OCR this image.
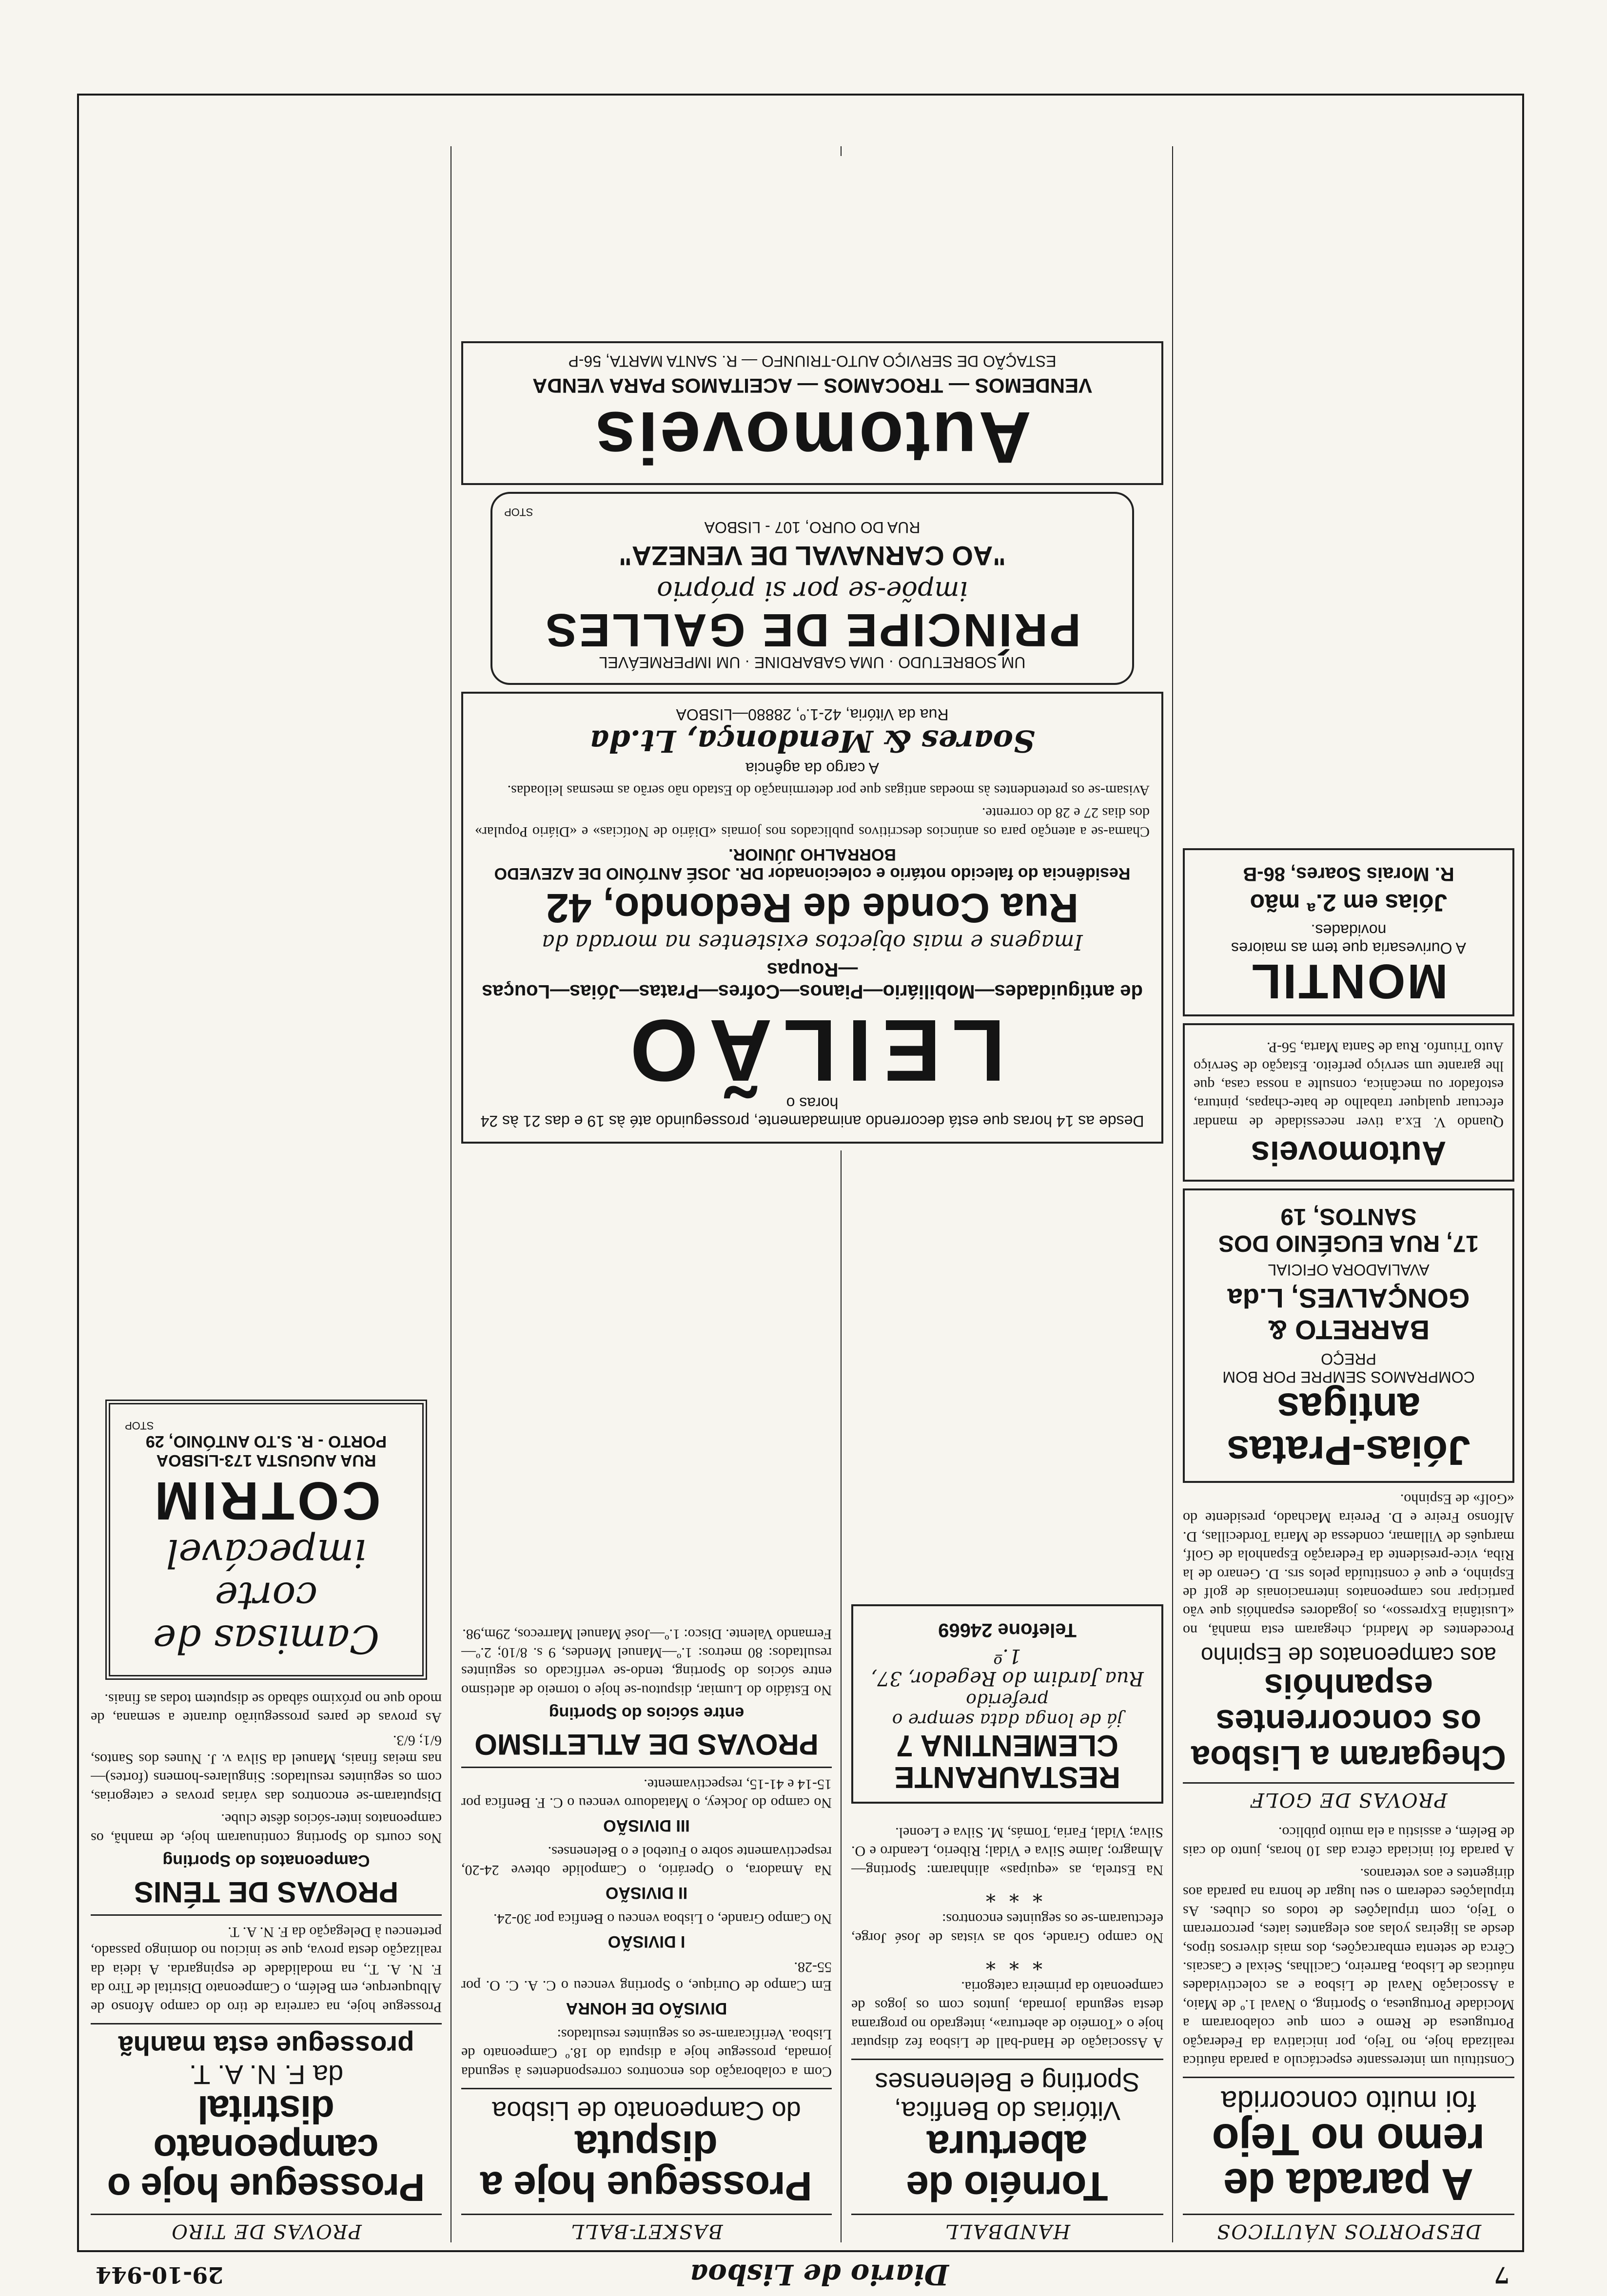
7
Diario de Lisboa
29-10-944
DESPORTOS NÁUTICOS
A parada de remo no Tejo
foi muito concorrida
Constituiu um interessante espectáculo a parada náutica realizada hoje, no Tejo, por iniciativa da Federação Portuguesa de Remo e com que colaboraram a Mocidade Portuguesa, o Sporting, o Naval 1.º de Maio, a Associação Naval de Lisboa e as colectividades náuticas de Lisboa, Barreiro, Cacilhas, Seixal e Cascais. Cêrca de setenta embarcações, dos mais diversos tipos, desde as ligeiras yolas aos elegantes iates, percorreram o Tejo, com tripulações de todos os clubes. As tripulações cederam o seu lugar de honra na parada aos dirigentes e aos veteranos.
A parada foi iniciada cêrca das 10 horas, junto do cais de Belém, e assistiu a ela muito público.
PROVAS DE GOLF
Chegaram a Lisboa os concorrentes espanhóis
aos campeonatos de Espinho
Procedentes de Madrid, chegaram esta manhã, no «Lusitânia Expresso», os jogadores espanhóis que vão participar nos campeonatos internacionais de golf de Espinho, e que é constituída pelos srs. D. Genaro de la Riba, vice-presidente da Federação Espanhola de Golf, marquês de Villamar, condessa de Maria Tordecillas, D. Alfonso Freire e D. Pereira Machado, presidente do «Golf» de Espinho.
Jóias-Pratas antigas
COMPRAMOS SEMPRE POR BOM PREÇO
BARRETO & GONÇALVES, L.da
AVALIADORA OFICIAL
17, RUA EUGÉNIO DOS SANTOS, 19
Automoveis
Quando V. Ex.a tiver necessidade de mandar efectuar qualquer trabalho de bate-chapas, pintura, estofador ou mecânica, consulte a nossa casa, que lhe garante um serviço perfeito. Estação de Serviço Auto Triunfo. Rua de Santa Marta, 56-P.
MONTIL
A Ourivesaria que tem as maiores novidades.
Jóias em 2.ª mão
R. Morais Soares, 86-B
HANDBALL
Tornéio de abertura
Vitórias do Benfica, Sporting e Belenenses
A Associação de Hand-ball de Lisboa fez disputar hoje o «Tornéio de abertura», integrado no programa desta segunda jornada, juntos com os jogos de campeonato da primeira categoria.
***
No campo Grande, sob as vistas de José Jorge, efectuaram-se os seguintes encontros:
***
Na Estrela, as «equipas» alinharam: Sporting—Almagro; Jaime Silva e Vidal; Riberio, Leandro e O. Silva; Vidal, Faria, Tomás, M. Silva e Leonel.
RESTAURANTE CLEMENTINA 7
já de longa data sempre o preferido
Rua Jardim do Regedor, 37, 1.º
Telefone 24669
BASKET-BALL
Prossegue hoje a disputa
do Campeonato de Lisboa
Com a colaboração dos encontros correspondentes à segunda jornada, prossegue hoje a disputa do 18.º Campeonato de Lisboa. Verificaram-se os seguintes resultados:
DIVISÃO DE HONRA
Em Campo de Ourique, o Sporting venceu o C. A. C. O. por 55-28.
I DIVISÃO
No Campo Grande, o Lisboa venceu o Benfica por 30-24.
II DIVISÃO
Na Amadora, o Operário, o Campolide obteve 24-20, respectivamente sobre o Futebol e o Belenenses.
III DIVISÃO
No campo do Jockey, o Matadouro venceu o C. F. Benfica por 15-14 e 41-15, respectivamente.
PROVAS DE ATLETISMO
entre sócios do Sporting
No Estádio do Lumiar, disputou-se hoje o torneio de atletismo entre sócios do Sporting, tendo-se verificado os seguintes resultados: 80 metros: 1.º—Manuel Mendes, 9 s. 8/10; 2.º—Fernando Valente. Disco: 1.º—José Manuel Marrecos, 29m,98.
PROVAS DE TIRO
Prossegue hoje o campeonato distrital
da F. N. A. T.
prossegue esta manhã
Prossegue hoje, na carreira de tiro do campo Afonso de Albuquerque, em Belém, o Campeonato Distrital de Tiro da F. N. A. T., na modalidade de espingarda. A ideia da realização desta prova, que se iniciou no domingo passado, pertenceu à Delegação da F. N. A. T.
PROVAS DE TÉNIS
Campeonatos do Sporting
Nos courts do Sporting continuaram hoje, de manhã, os campeonatos inter-sócios dêste clube.
Disputaram-se encontros das várias provas e categorias, com os seguintes resultados: Singulares-homens (fortes)—nas meias finais, Manuel da Silva v. J. Nunes dos Santos, 6/1; 6/3.
As provas de pares prosseguirão durante a semana, de modo que no próximo sábado se disputem todas as finais.
Camisas de corte impecável
COTRIM
RUA AUGUSTA 173-LISBOA
PORTO - R. S.TO ANTÓNIO, 29
STOP
Desde as 14 horas que está decorrendo animadamente, prosseguindo até às 19 e das 21 às 24 horas o
LEILÃO
de antiguidades—Mobiliário—Pianos—Cofres—Pratas—Jóias—Louças—Roupas
Imagens e mais objectos existentes na morada da
Rua Conde de Redondo, 42
Residência do falecido notário e colecionador DR. JOSÉ ANTÓNIO DE AZEVEDO BORRALHO JÚNIOR.
Chama-se a atenção para os anúncios descritivos publicados nos jornais «Diário de Notícias» e «Diário Popular» dos dias 27 e 28 do corrente.
Avisam-se os pretendentes às moedas antigas que por determinação do Estado não serão as mesmas leiloadas.
A cargo da agência
Soares & Mendonça, Lt.da
Rua da Vitória, 42-1.º, 28880—LISBOA
UM SOBRETUDO · UMA GABARDINE · UM IMPERMEÁVEL
PRÍNCIPE DE GALLES
impõe-se por si próprio
"AO CARNAVAL DE VENEZA"
RUA DO OURO, 107 - LISBOA
STOP
Automoveis
VENDEMOS — TROCAMOS — ACEITAMOS PARA VENDA
ESTAÇÃO DE SERVIÇO AUTO-TRIUNFO — R. SANTA MARTA, 56-P
